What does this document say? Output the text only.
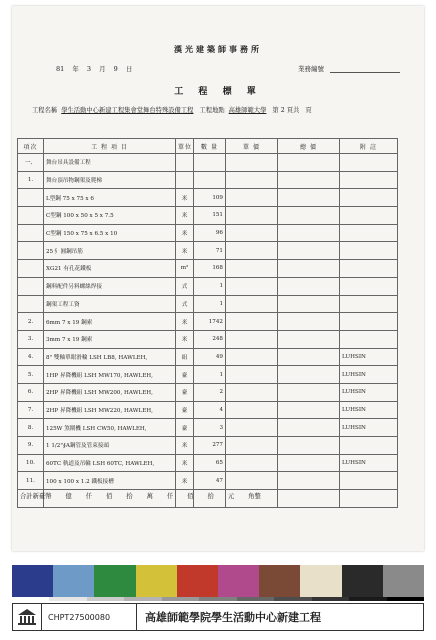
漢光建築師事務所
81 年 3 月 9 日	業務編號
工 程 標 單
工程名稱 學生活動中心新建工程集會堂舞台特殊設備工程 工程地點 高雄師範大學 第 2 頁共 頁
項次	工 程 項 目	單位	數 量	單 價	總 價	附 註
一、	舞台吊具設備工程					
1.	舞台頂吊物鋼架及爬梯					
	L型鋼 75 x 75 x 6	米	109			
	C型鋼 100 x 50 x 5 x 7.5	米	151			
	C型鋼 150 x 75 x 6.5 x 10	米	96			
	25∮ 圓鋼吊筋	米	71			
	XG21 有孔花鐵板	m²	168			
	鋼料配件另料螺絲焊接	式	1			
	鋼架工程工資	式	1			
2.	6mm 7 x 19 鋼索	米	1742			
3.	3mm 7 x 19 鋼索	米	248			
4.	8" 雙軸單眼滑輪 LSH LB8, HAWLEH,	組	49			LUHSIN
5.	1HP 昇降機組 LSH MW170, HAWLEH,	臺	1			LUHSIN
6.	2HP 昇降機組 LSH MW200, HAWLEH,	臺	2			LUHSIN
7.	2HP 昇降機組 LSH MW220, HAWLEH,	臺	4			LUHSIN
8.	125W 煞閘機 LSH CW50, HAWLEH,	臺	3			LUHSIN
9.	1 1/2"∮A鋼管及管束接頭	米	277			
10.	60TC 軌道及吊輪 LSH 60TC, HAWLEH,	米	65			LUHSIN
11.	100 x 100 x 1.2 鐵板接槽	米	47			

合計新臺幣 億 仟 佰 拾 萬 仟 佰 拾 元 角整
CHPT27500080	高雄師範學院學生活動中心新建工程
